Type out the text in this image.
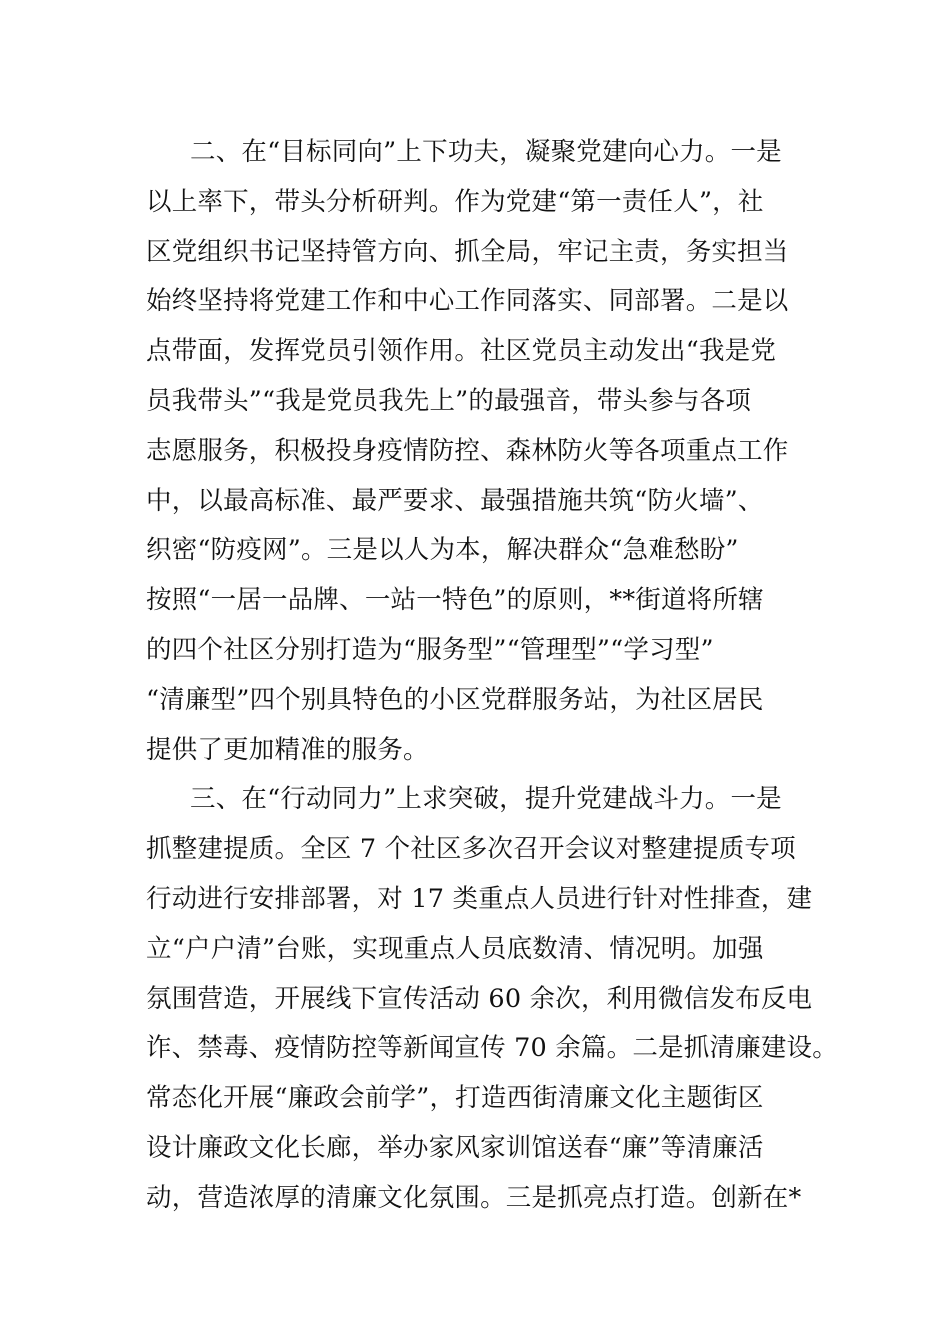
二、在“目标同向”上下功夫，凝聚党建向心力。一是
以上率下，带头分析研判。作为党建“第一责任人”，社
区党组织书记坚持管方向、抓全局，牢记主责，务实担当
始终坚持将党建工作和中心工作同落实、同部署。二是以
点带面，发挥党员引领作用。社区党员主动发出“我是党
员我带头”“我是党员我先上”的最强音，带头参与各项
志愿服务，积极投身疫情防控、森林防火等各项重点工作
中，以最高标准、最严要求、最强措施共筑“防火墙”、
织密“防疫网”。三是以人为本，解决群众“急难愁盼”
按照“一居一品牌、一站一特色”的原则，**街道将所辖
的四个社区分别打造为“服务型”“管理型”“学习型”
“清廉型”四个别具特色的小区党群服务站，为社区居民
提供了更加精准的服务。
三、在“行动同力”上求突破，提升党建战斗力。一是
抓整建提质。全区 7 个社区多次召开会议对整建提质专项
行动进行安排部署，对 17 类重点人员进行针对性排查，建
立“户户清”台账，实现重点人员底数清、情况明。加强
氛围营造，开展线下宣传活动 60 余次，利用微信发布反电
诈、禁毒、疫情防控等新闻宣传 70 余篇。二是抓清廉建设。
常态化开展“廉政会前学”，打造西街清廉文化主题街区
设计廉政文化长廊，举办家风家训馆送春“廉”等清廉活
动，营造浓厚的清廉文化氛围。三是抓亮点打造。创新在*
